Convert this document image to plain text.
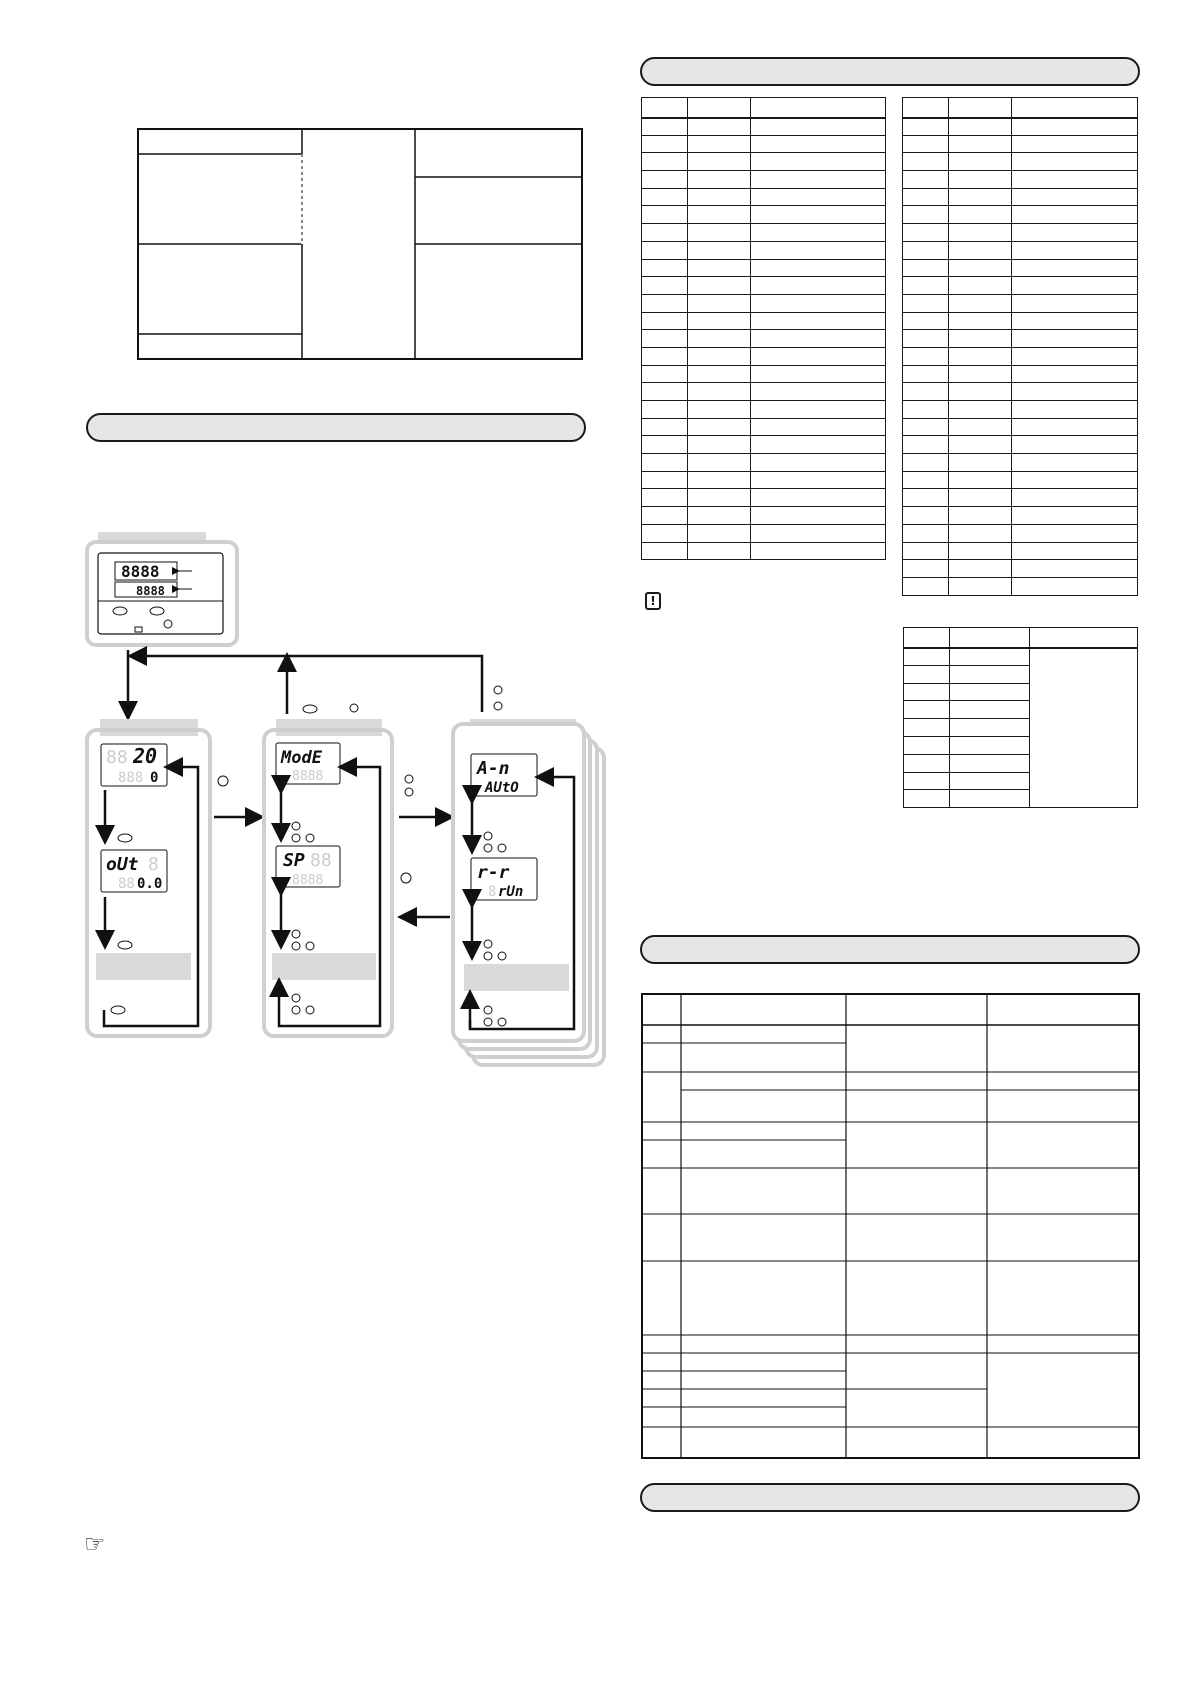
!
☞
8888
8888
88 20
888 0
oUt 8
88 0.0
ModE
8888
SP 88
8888
A-n
AUtO
r-r
8 rUn
